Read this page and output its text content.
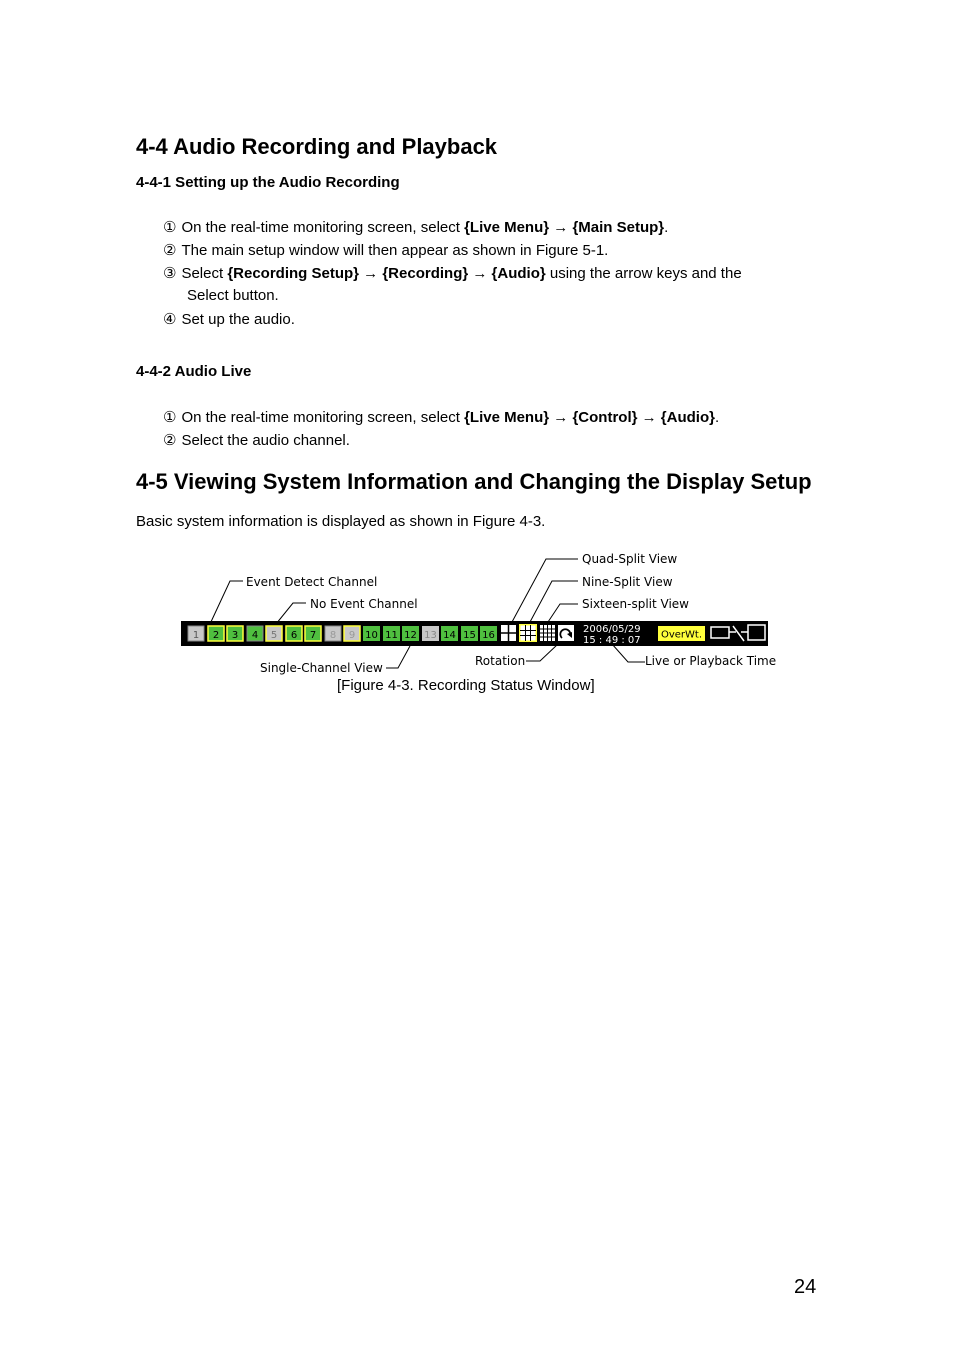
4-4 Audio Recording and Playback
4-4-1 Setting up the Audio Recording
① On the real-time monitoring screen, select {Live Menu} → {Main Setup}.
② The main setup window will then appear as shown in Figure 5-1.
③ Select {Recording Setup} → {Recording} → {Audio} using the arrow keys and the
Select button.
④ Set up the audio.
4-4-2 Audio Live
① On the real-time monitoring screen, select {Live Menu} → {Control} → {Audio}.
② Select the audio channel.
4-5 Viewing System Information and Changing the Display Setup
Basic system information is displayed as shown in Figure 4-3.
1 2 3 4 5 6 7 8 9 10 11 12 13 14 15 16
2006/05/29
15 : 49 : 07 OverWt.
Event Detect Channel
No Event Channel
Single-Channel View
Quad-Split View
Nine-Split View
Sixteen-split View
Rotation	Live or Playback Time
[Figure 4-3. Recording Status Window]
24
